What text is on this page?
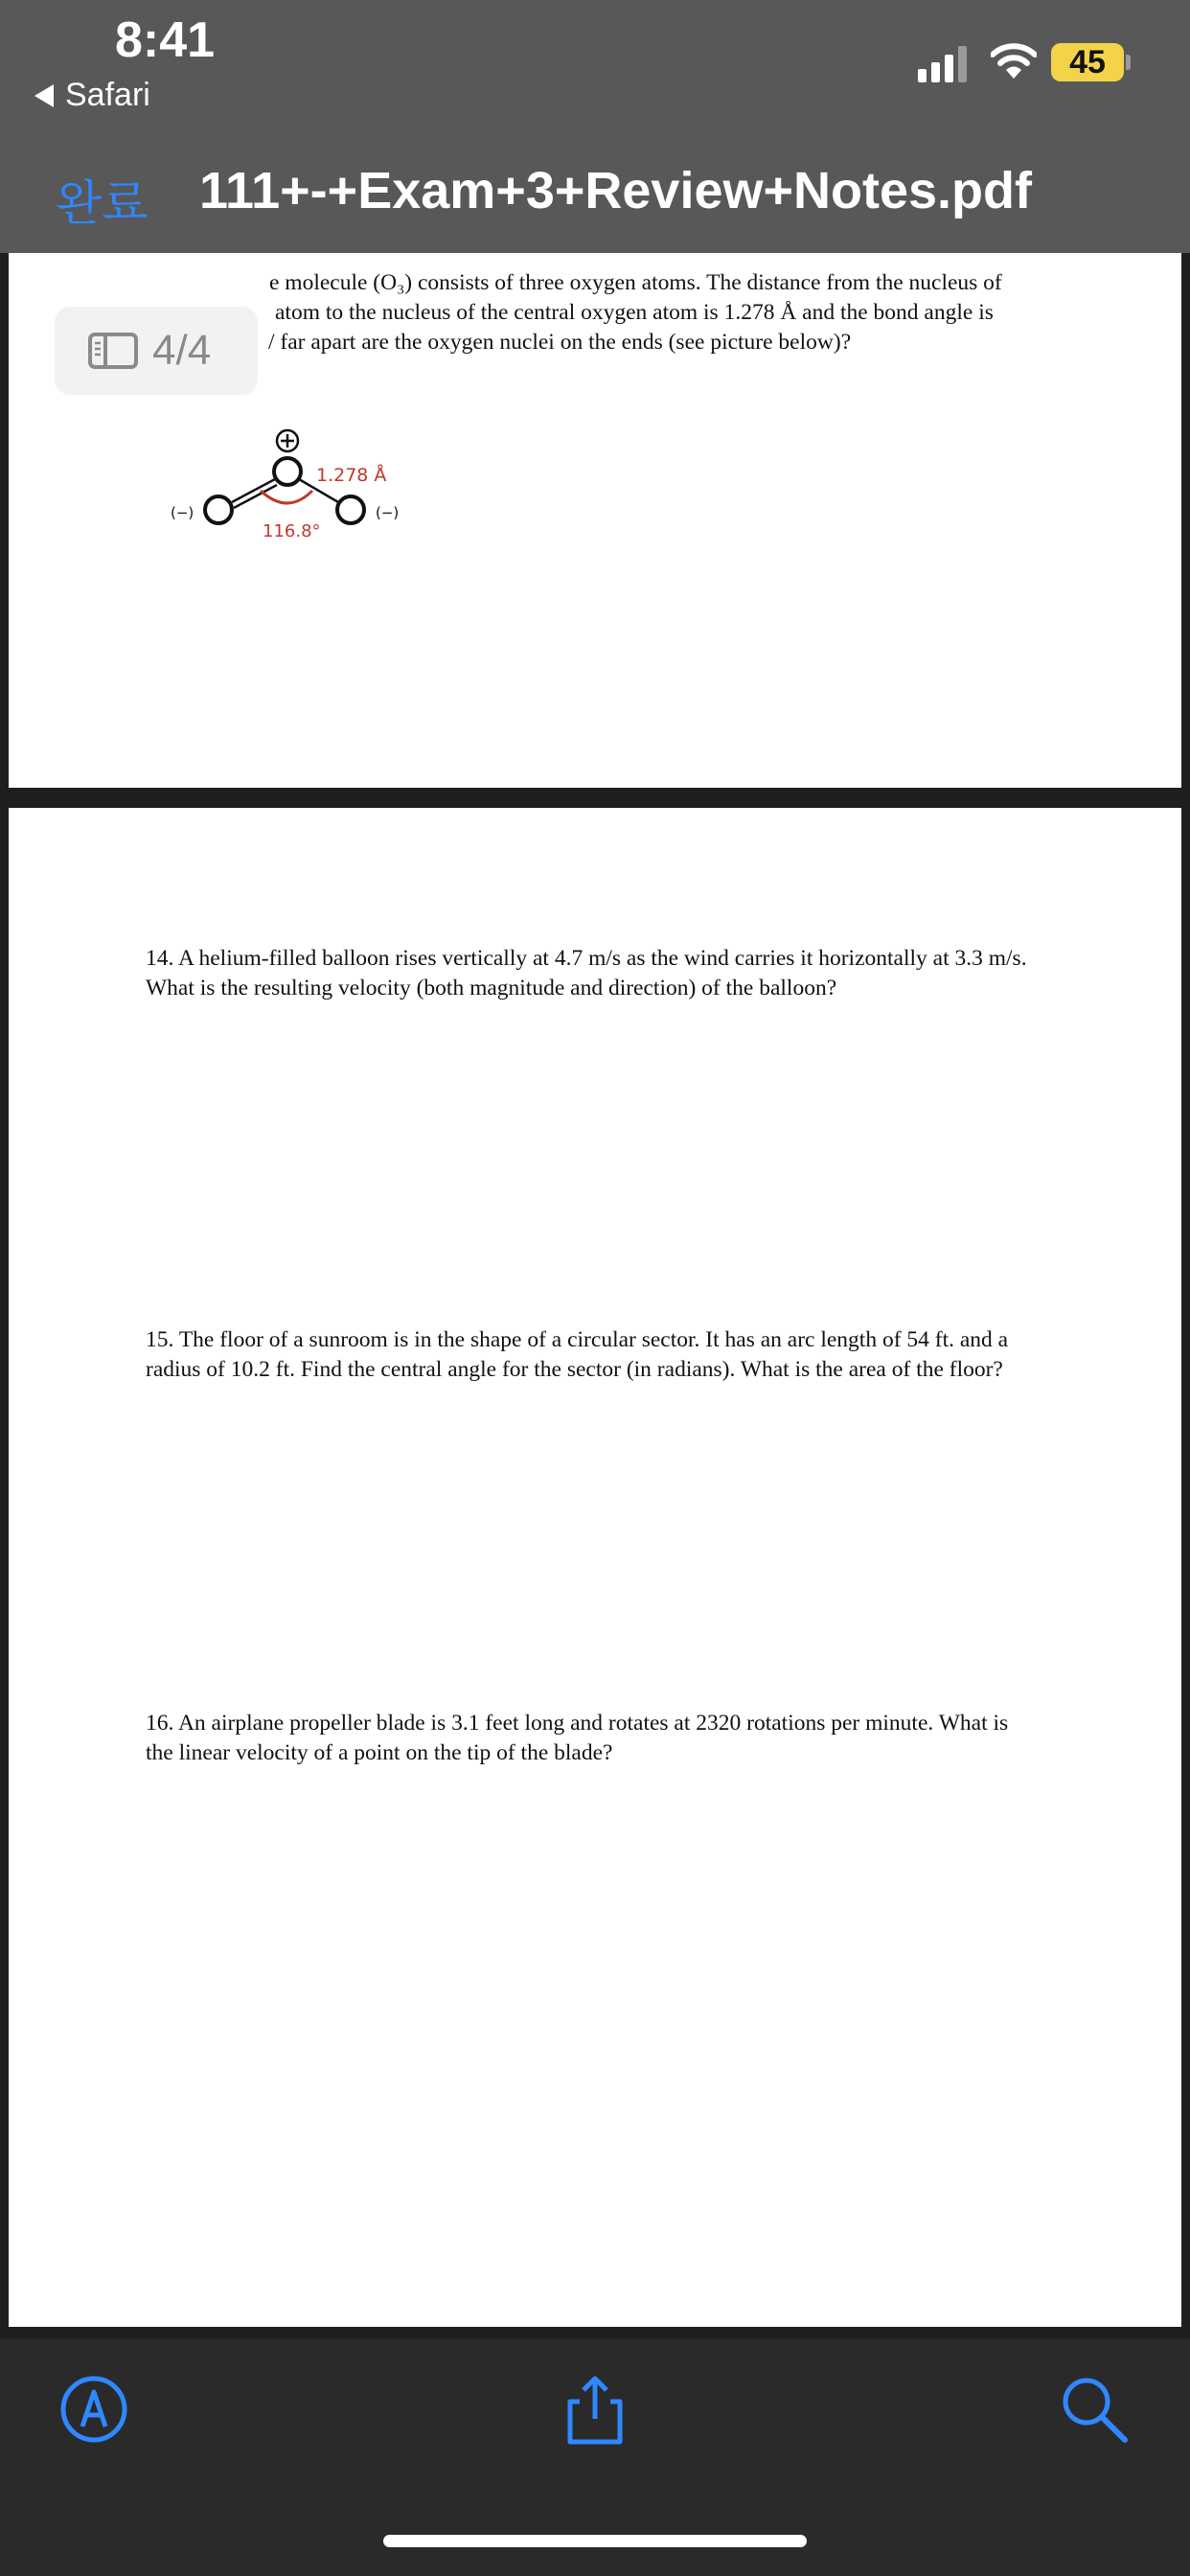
8:41
Safari
45
완료 111+-+Exam+3+Review+Notes.pdf
e molecule (O₃) consists of three oxygen atoms. The distance from the nucleus of
atom to the nucleus of the central oxygen atom is 1.278 Å and the bond angle is
/ far apart are the oxygen nuclei on the ends (see picture below)?
(−)	(−)
1.278 Å
116.8°
4/4
14. A helium-filled balloon rises vertically at 4.7 m/s as the wind carries it horizontally at 3.3 m/s.
What is the resulting velocity (both magnitude and direction) of the balloon?
15. The floor of a sunroom is in the shape of a circular sector. It has an arc length of 54 ft. and a
radius of 10.2 ft. Find the central angle for the sector (in radians). What is the area of the floor?
16. An airplane propeller blade is 3.1 feet long and rotates at 2320 rotations per minute. What is
the linear velocity of a point on the tip of the blade?
